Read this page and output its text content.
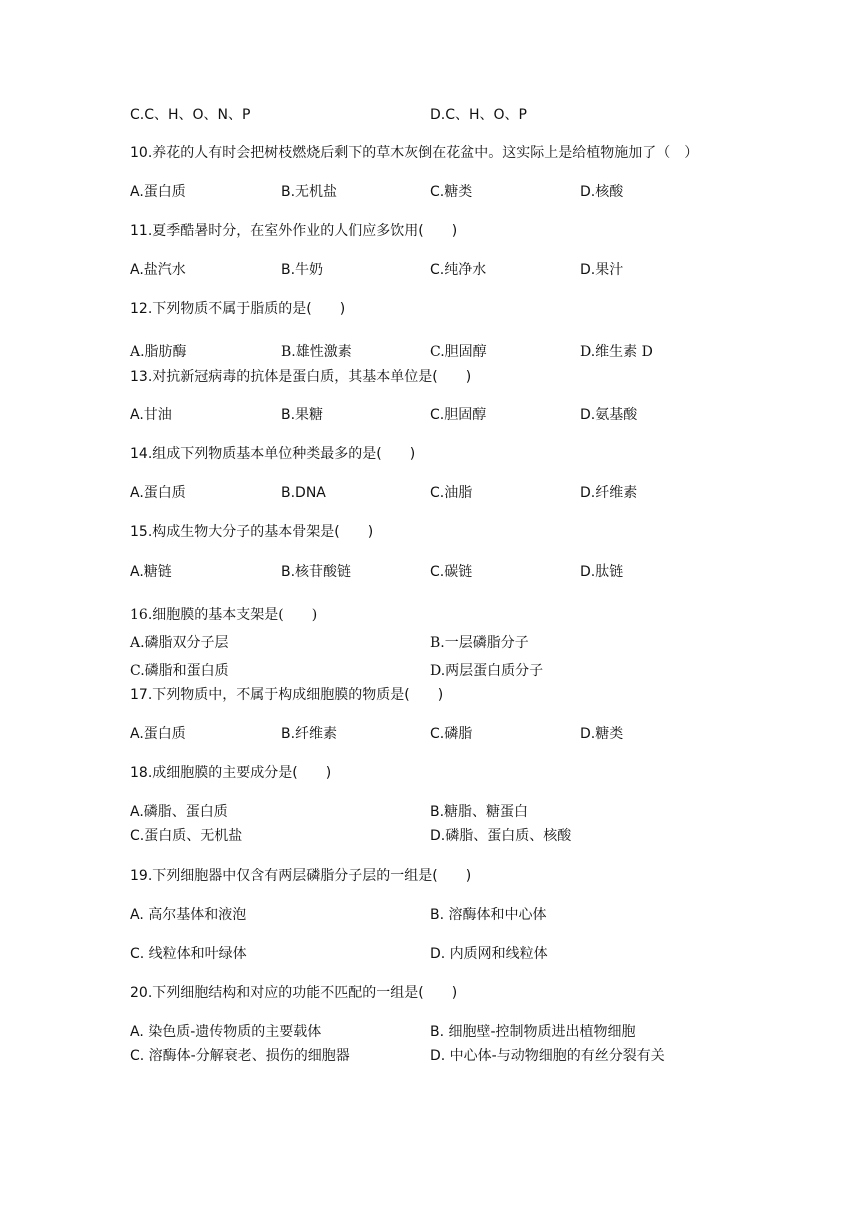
C.C、H、O、N、P	D.C、H、O、P
10.养花的人有时会把树枝燃烧后剩下的草木灰倒在花盆中。这实际上是给植物施加了（　）
A.蛋白质	B.无机盐	C.糖类	D.核酸
11.夏季酷暑时分，在室外作业的人们应多饮用(　　)
A.盐汽水	B.牛奶	C.纯净水	D.果汁
12.下列物质不属于脂质的是(　　)
A.脂肪酶	B.雄性激素	C.胆固醇	D.维生素 D
13.对抗新冠病毒的抗体是蛋白质，其基本单位是(　　)
A.甘油	B.果糖	C.胆固醇	D.氨基酸
14.组成下列物质基本单位种类最多的是(　　)
A.蛋白质	B.DNA	C.油脂	D.纤维素
15.构成生物大分子的基本骨架是(　　)
A.糖链	B.核苷酸链	C.碳链	D.肽链
16.细胞膜的基本支架是(　　)
A.磷脂双分子层	B.一层磷脂分子
C.磷脂和蛋白质	D.两层蛋白质分子
17.下列物质中，不属于构成细胞膜的物质是(　　)
A.蛋白质	B.纤维素	C.磷脂	D.糖类
18.成细胞膜的主要成分是(　　)
A.磷脂、蛋白质	B.糖脂、糖蛋白
C.蛋白质、无机盐	D.磷脂、蛋白质、核酸
19.下列细胞器中仅含有两层磷脂分子层的一组是(　　)
A. 高尔基体和液泡	B. 溶酶体和中心体
C. 线粒体和叶绿体	D. 内质网和线粒体
20.下列细胞结构和对应的功能不匹配的一组是(　　)
A. 染色质-遗传物质的主要载体	B. 细胞壁-控制物质进出植物细胞
C. 溶酶体-分解衰老、损伤的细胞器	D. 中心体-与动物细胞的有丝分裂有关
